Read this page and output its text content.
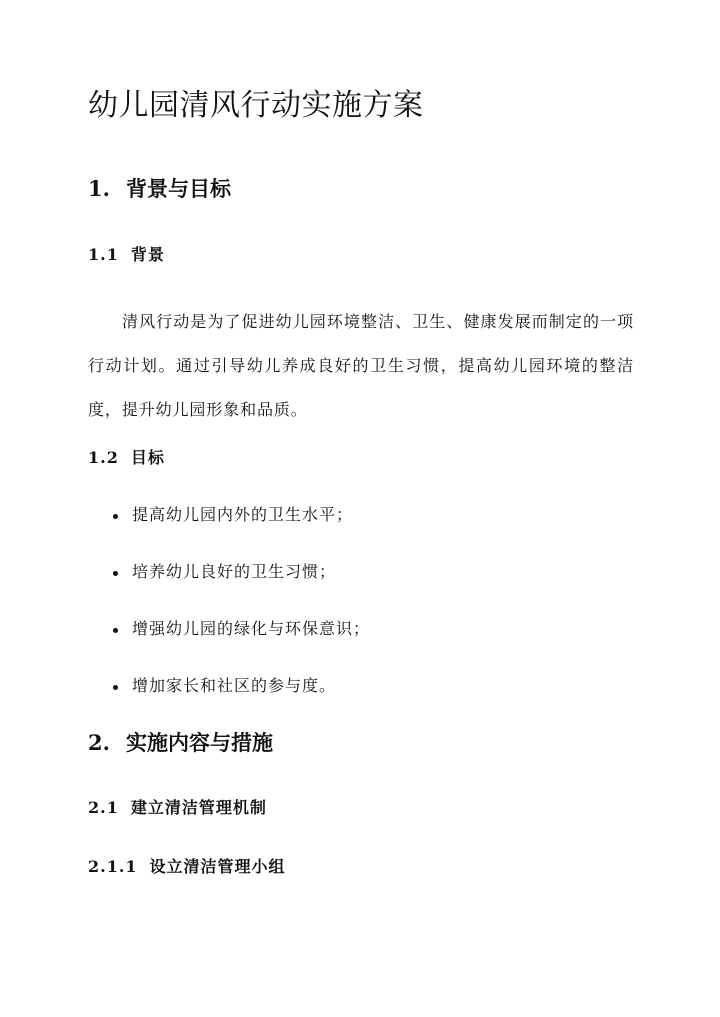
幼儿园清风行动实施方案
1. 背景与目标
1.1 背景

清风行动是为了促进幼儿园环境整洁、卫生、健康发展而制定的一项行动计划。通过引导幼儿养成良好的卫生习惯，提高幼儿园环境的整洁度，提升幼儿园形象和品质。

1.2 目标
提高幼儿园内外的卫生水平；
培养幼儿良好的卫生习惯；
增强幼儿园的绿化与环保意识；
增加家长和社区的参与度。
2. 实施内容与措施
2.1 建立清洁管理机制
2.1.1 设立清洁管理小组
